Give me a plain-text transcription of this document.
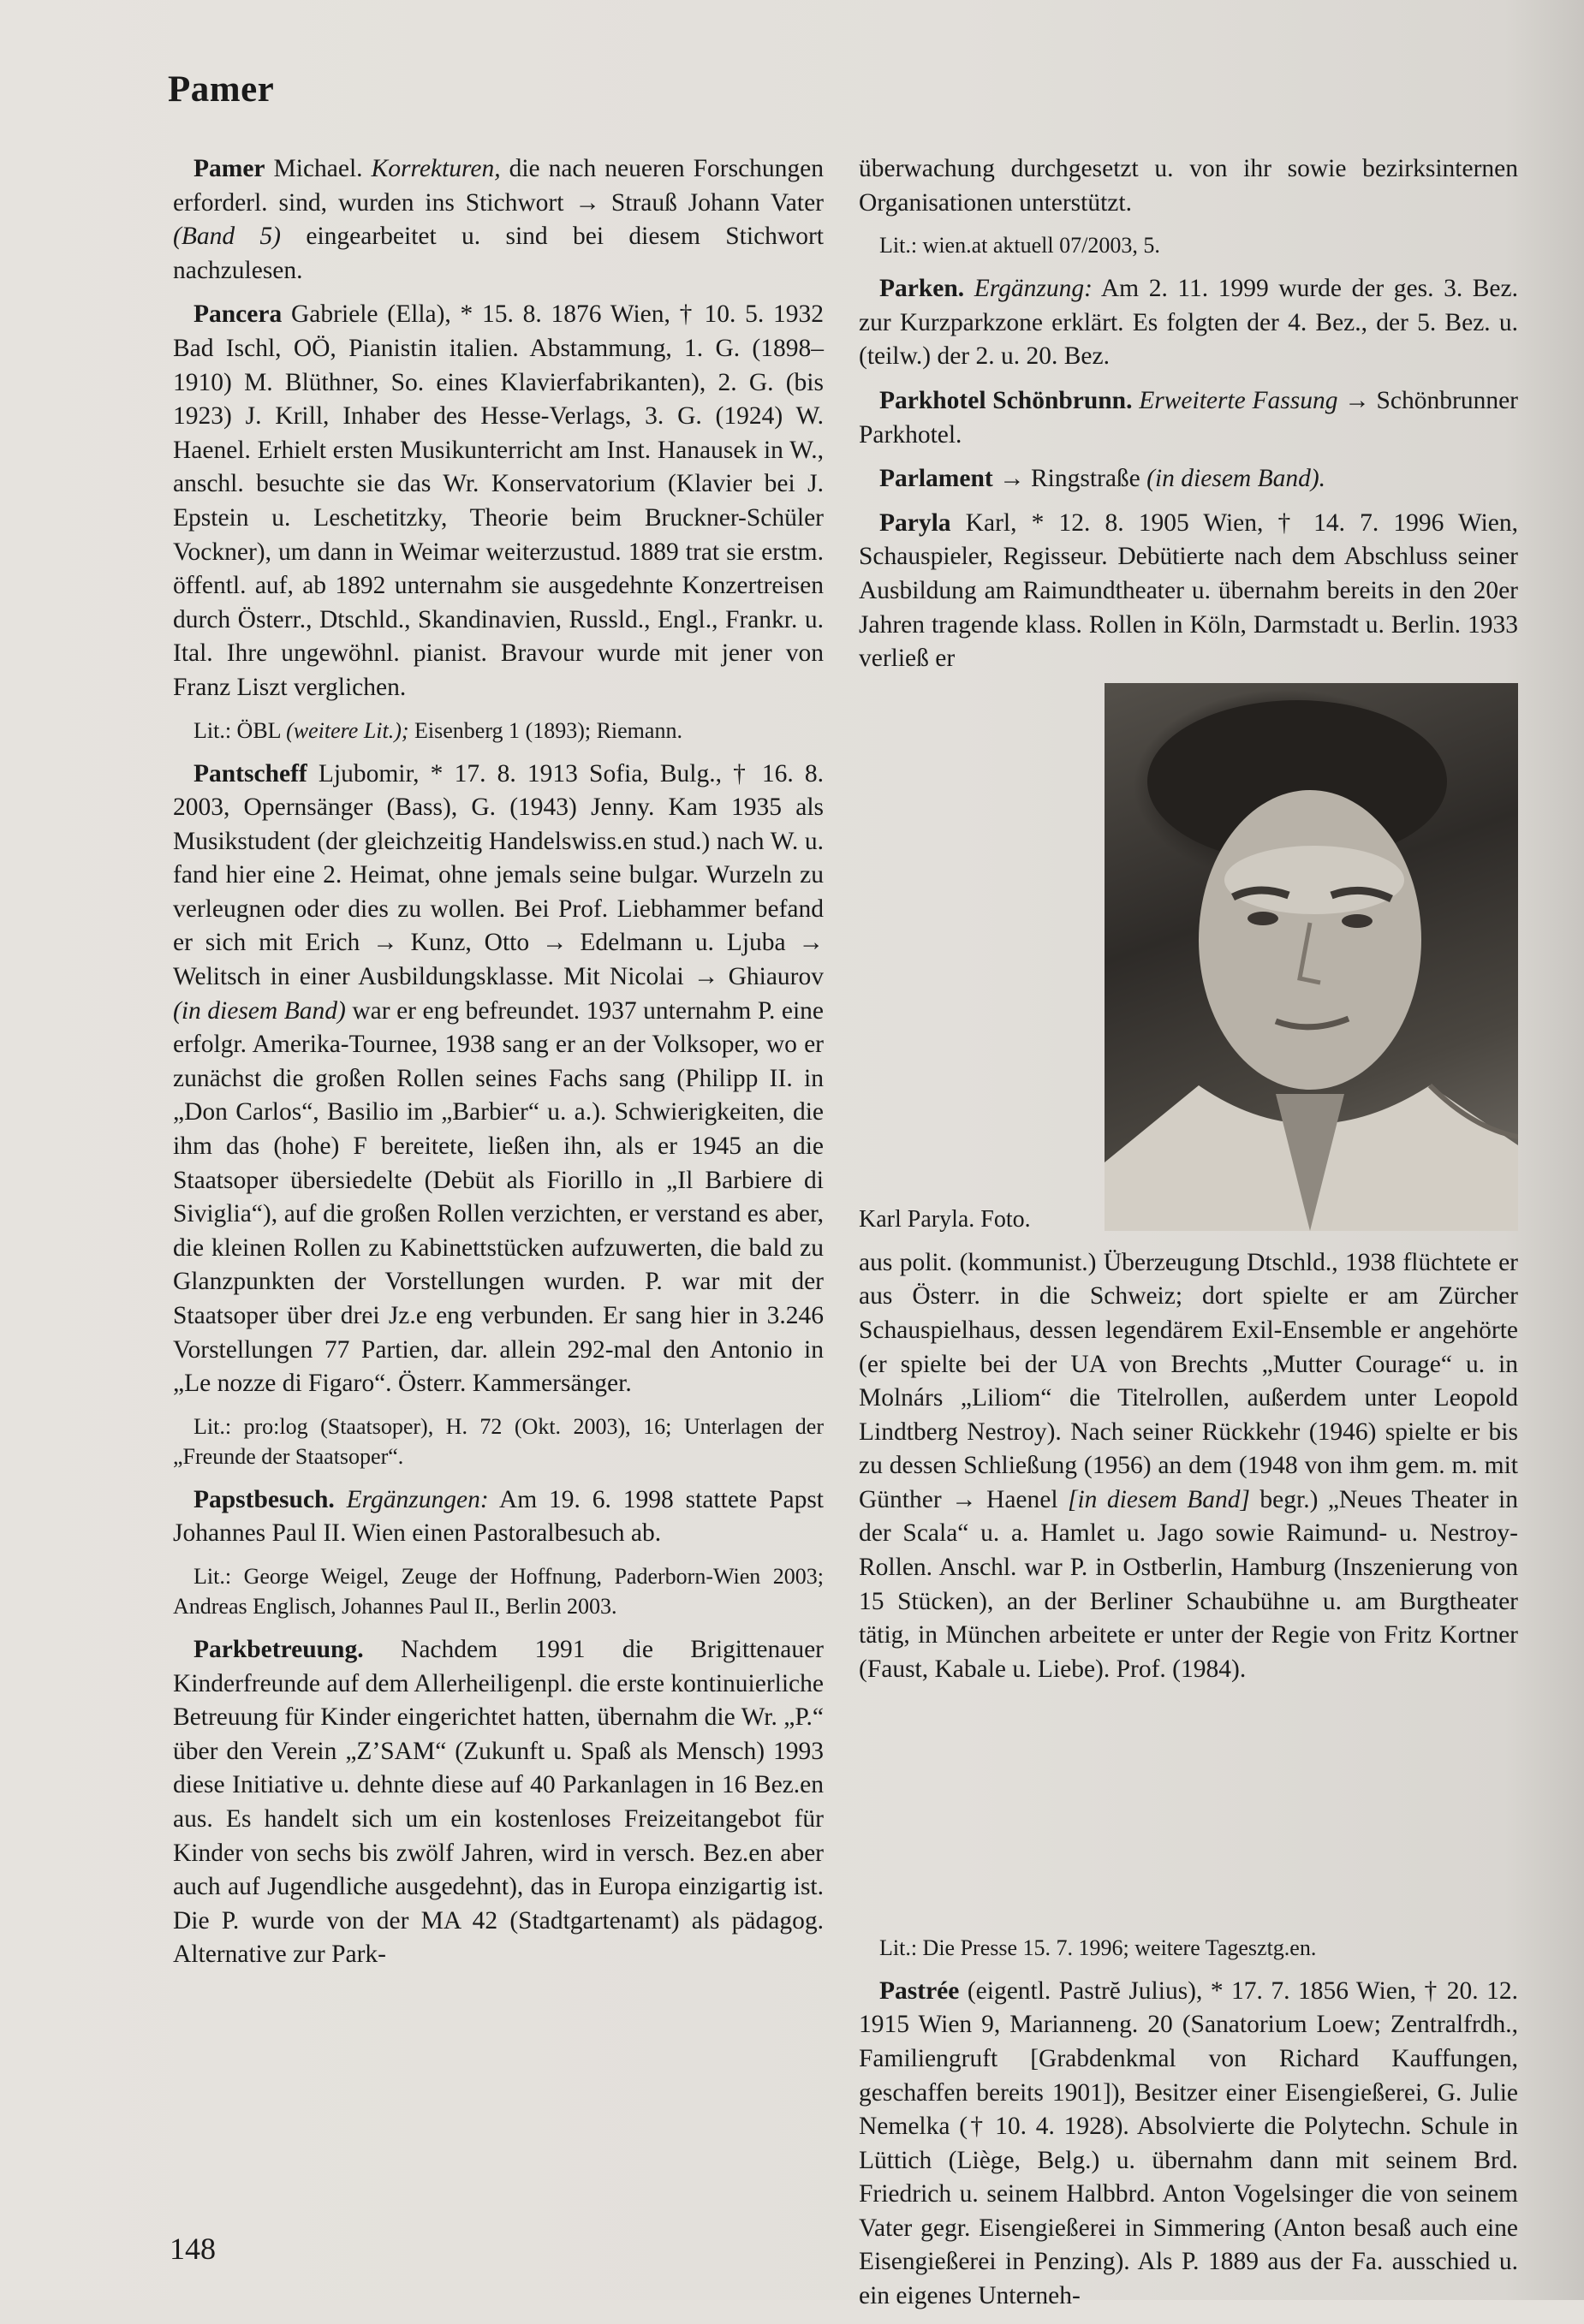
Pamer

Pamer Michael. Korrekturen, die nach neueren Forschungen erforderl. sind, wurden ins Stichwort → Strauß Johann Vater (Band 5) eingearbeitet u. sind bei diesem Stichwort nachzulesen.

Pancera Gabriele (Ella), * 15. 8. 1876 Wien, † 10. 5. 1932 Bad Ischl, OÖ, Pianistin italien. Abstammung, 1. G. (1898–1910) M. Blüthner, So. eines Klavierfabrikanten), 2. G. (bis 1923) J. Krill, Inhaber des Hesse-Verlags, 3. G. (1924) W. Haenel. Erhielt ersten Musikunterricht am Inst. Hanausek in W., anschl. besuchte sie das Wr. Konservatorium (Klavier bei J. Epstein u. Leschetitzky, Theorie beim Bruckner-Schüler Vockner), um dann in Weimar weiterzustud. 1889 trat sie erstm. öffentl. auf, ab 1892 unternahm sie ausgedehnte Konzertreisen durch Österr., Dtschld., Skandinavien, Russld., Engl., Frankr. u. Ital. Ihre ungewöhnl. pianist. Bravour wurde mit jener von Franz Liszt verglichen.

Lit.: ÖBL (weitere Lit.); Eisenberg 1 (1893); Riemann.

Pantscheff Ljubomir, * 17. 8. 1913 Sofia, Bulg., † 16. 8. 2003, Opernsänger (Bass), G. (1943) Jenny. Kam 1935 als Musikstudent (der gleichzeitig Handelswiss.en stud.) nach W. u. fand hier eine 2. Heimat, ohne jemals seine bulgar. Wurzeln zu verleugnen oder dies zu wollen. Bei Prof. Liebhammer befand er sich mit Erich → Kunz, Otto → Edelmann u. Ljuba → Welitsch in einer Ausbildungsklasse. Mit Nicolai → Ghiaurov (in diesem Band) war er eng befreundet. 1937 unternahm P. eine erfolgr. Amerika-Tournee, 1938 sang er an der Volksoper, wo er zunächst die großen Rollen seines Fachs sang (Philipp II. in „Don Carlos“, Basilio im „Barbier“ u. a.). Schwierigkeiten, die ihm das (hohe) F bereitete, ließen ihn, als er 1945 an die Staatsoper übersiedelte (Debüt als Fiorillo in „Il Barbiere di Siviglia“), auf die großen Rollen verzichten, er verstand es aber, die kleinen Rollen zu Kabinettstücken aufzuwerten, die bald zu Glanzpunkten der Vorstellungen wurden. P. war mit der Staatsoper über drei Jz.e eng verbunden. Er sang hier in 3.246 Vorstellungen 77 Partien, dar. allein 292-mal den Antonio in „Le nozze di Figaro“. Österr. Kammersänger.

Lit.: pro:log (Staatsoper), H. 72 (Okt. 2003), 16; Unterlagen der „Freunde der Staatsoper“.

Papstbesuch. Ergänzungen: Am 19. 6. 1998 stattete Papst Johannes Paul II. Wien einen Pastoralbesuch ab.

Lit.: George Weigel, Zeuge der Hoffnung, Paderborn-Wien 2003; Andreas Englisch, Johannes Paul II., Berlin 2003.

Parkbetreuung. Nachdem 1991 die Brigittenauer Kinderfreunde auf dem Allerheiligenpl. die erste kontinuierliche Betreuung für Kinder eingerichtet hatten, übernahm die Wr. „P.“ über den Verein „Z’SAM“ (Zukunft u. Spaß als Mensch) 1993 diese Initiative u. dehnte diese auf 40 Parkanlagen in 16 Bez.en aus. Es handelt sich um ein kostenloses Freizeitangebot für Kinder von sechs bis zwölf Jahren, wird in versch. Bez.en aber auch auf Jugendliche ausgedehnt), das in Europa einzigartig ist. Die P. wurde von der MA 42 (Stadtgartenamt) als pädagog. Alternative zur Park-

überwachung durchgesetzt u. von ihr sowie bezirksinternen Organisationen unterstützt.

Lit.: wien.at aktuell 07/2003, 5.

Parken. Ergänzung: Am 2. 11. 1999 wurde der ges. 3. Bez. zur Kurzparkzone erklärt. Es folgten der 4. Bez., der 5. Bez. u. (teilw.) der 2. u. 20. Bez.

Parkhotel Schönbrunn. Erweiterte Fassung → Schönbrunner Parkhotel.

Parlament → Ringstraße (in diesem Band).

Paryla Karl, * 12. 8. 1905 Wien, † 14. 7. 1996 Wien, Schauspieler, Regisseur. Debütierte nach dem Abschluss seiner Ausbildung am Raimundtheater u. übernahm bereits in den 20er Jahren tragende klass. Rollen in Köln, Darmstadt u. Berlin. 1933 verließ er

Karl Paryla. Foto.

aus polit. (kommunist.) Überzeugung Dtschld., 1938 flüchtete er aus Österr. in die Schweiz; dort spielte er am Zürcher Schauspielhaus, dessen legendärem Exil-Ensemble er angehörte (er spielte bei der UA von Brechts „Mutter Courage“ u. in Molnárs „Liliom“ die Titelrollen, außerdem unter Leopold Lindtberg Nestroy). Nach seiner Rückkehr (1946) spielte er bis zu dessen Schließung (1956) an dem (1948 von ihm gem. m. mit Günther → Haenel [in diesem Band] begr.) „Neues Theater in der Scala“ u. a. Hamlet u. Jago sowie Raimund- u. Nestroy-Rollen. Anschl. war P. in Ostberlin, Hamburg (Inszenierung von 15 Stücken), an der Berliner Schaubühne u. am Burgtheater tätig, in München arbeitete er unter der Regie von Fritz Kortner (Faust, Kabale u. Liebe). Prof. (1984).

Lit.: Die Presse 15. 7. 1996; weitere Tagesztg.en.

Pastrée (eigentl. Pastrĕ Julius), * 17. 7. 1856 Wien, † 20. 12. 1915 Wien 9, Marianneng. 20 (Sanatorium Loew; Zentralfrdh., Familiengruft [Grabdenkmal von Richard Kauffungen, geschaffen bereits 1901]), Besitzer einer Eisengießerei, G. Julie Nemelka († 10. 4. 1928). Absolvierte die Polytechn. Schule in Lüttich (Liège, Belg.) u. übernahm dann mit seinem Brd. Friedrich u. seinem Halbbrd. Anton Vogelsinger die von seinem Vater gegr. Eisengießerei in Simmering (Anton besaß auch eine Eisengießerei in Penzing). Als P. 1889 aus der Fa. ausschied u. ein eigenes Unterneh-

148
